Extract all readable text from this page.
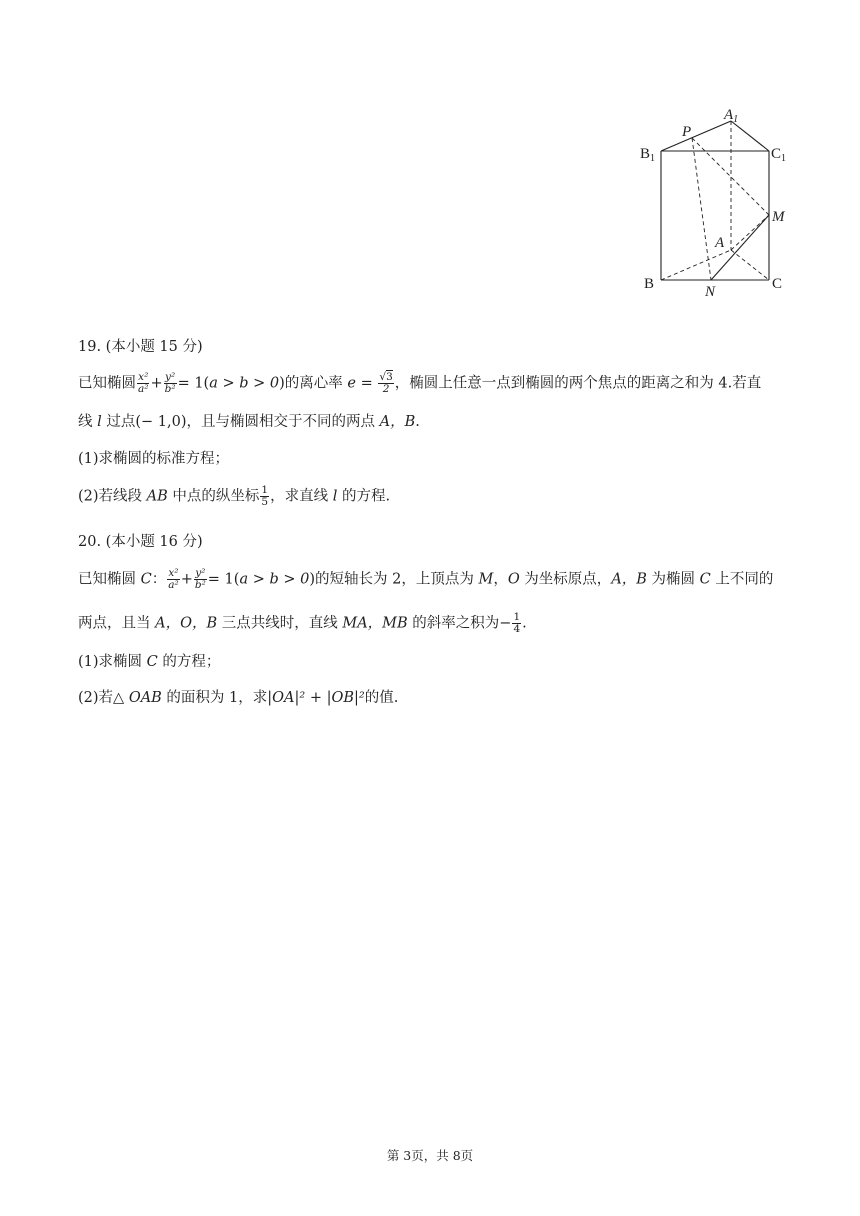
$A_1$
P
$B_1$	$C_1$
M
A
B	N	C
19. (本小题 15 分)
已知椭圆 $\frac{\text{x²}}{\text{a²}} + \frac{\text{y²}}{\text{b²}} = 1(a > b > 0)$的离心率 $e = \frac{√3}{2}$ ，椭圆上任意一点到椭圆的两个焦点的距离之和为 4.若直
线 l 过点(− 1,0)，且与椭圆相交于不同的两点 A，B.
(1)求椭圆的标准方程；
(2)若线段 AB 中点的纵坐标 $\frac{1}{5}$ ，求直线 l 的方程.
20. (本小题 16 分)
已知椭圆 C： $\frac{\text{x²}}{\text{a²}} + \frac{\text{y²}}{\text{b²}} = 1(a > b > 0)$的短轴长为 2，上顶点为 M，O 为坐标原点，A，B 为椭圆 C 上不同的
两点，且当 A，O，B 三点共线时，直线 MA，MB 的斜率之积为− $\frac{1}{4}$ .
(1)求椭圆 C 的方程；
(2)若△ OAB 的面积为 1，求|OA|² + |OB|²的值.
第 3页，共 8页
